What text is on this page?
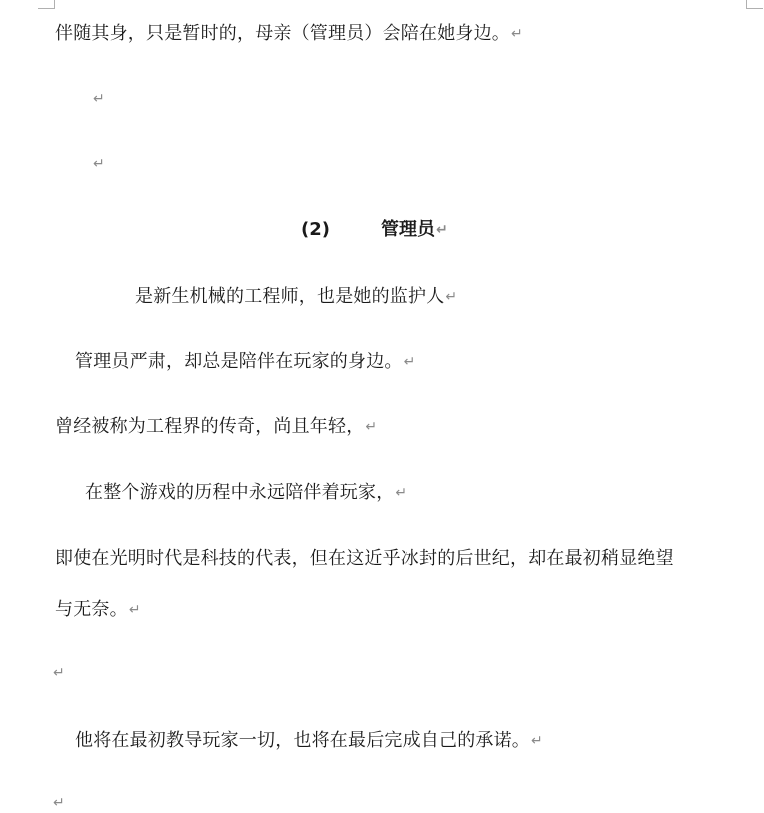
伴随其身，只是暂时的，母亲（管理员）会陪在她身边。↵
↵
↵
(2)	管理员↵
是新生机械的工程师，也是她的监护人↵
管理员严肃，却总是陪伴在玩家的身边。↵
曾经被称为工程界的传奇，尚且年轻，↵
在整个游戏的历程中永远陪伴着玩家，↵
即使在光明时代是科技的代表，但在这近乎冰封的后世纪，却在最初稍显绝望
与无奈。↵
↵
他将在最初教导玩家一切，也将在最后完成自己的承诺。↵
↵
